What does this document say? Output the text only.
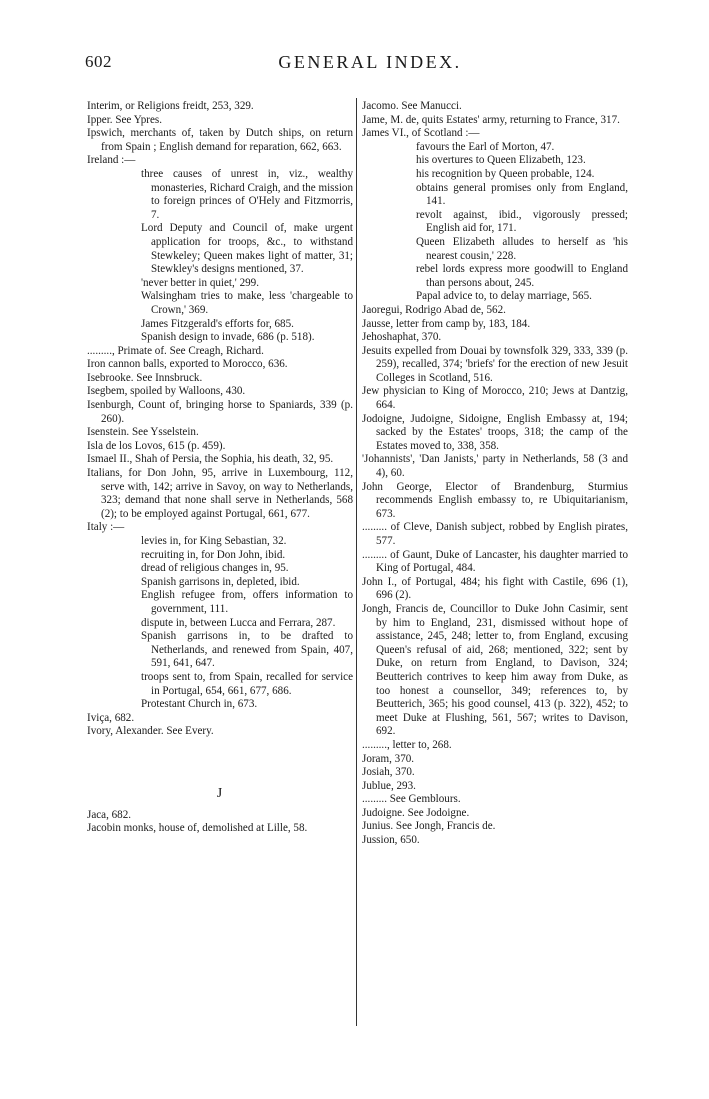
602	GENERAL INDEX.

Interim, or Religions freidt, 253, 329.

Ipper. See Ypres.

Ipswich, merchants of, taken by Dutch ships, on return from Spain ; English demand for reparation, 662, 663.

Ireland :—

three causes of unrest in, viz., wealthy monasteries, Richard Craigh, and the mission to foreign princes of O'Hely and Fitzmorris, 7.

Lord Deputy and Council of, make urgent application for troops, &c., to withstand Stewkeley; Queen makes light of matter, 31; Stewkley's designs mentioned, 37.

'never better in quiet,' 299.

Walsingham tries to make, less 'chargeable to Crown,' 369.

James Fitzgerald's efforts for, 685.

Spanish design to invade, 686 (p. 518).

........., Primate of. See Creagh, Richard.

Iron cannon balls, exported to Morocco, 636.

Isebrooke. See Innsbruck.

Isegbem, spoiled by Walloons, 430.

Isenburgh, Count of, bringing horse to Spaniards, 339 (p. 260).

Isenstein. See Ysselstein.

Isla de los Lovos, 615 (p. 459).

Ismael II., Shah of Persia, the Sophia, his death, 32, 95.

Italians, for Don John, 95, arrive in Luxembourg, 112, serve with, 142; arrive in Savoy, on way to Netherlands, 323; demand that none shall serve in Netherlands, 568 (2); to be employed against Portugal, 661, 677.

Italy :—

levies in, for King Sebastian, 32.

recruiting in, for Don John, ibid.

dread of religious changes in, 95.

Spanish garrisons in, depleted, ibid.

English refugee from, offers information to government, 111.

dispute in, between Lucca and Ferrara, 287.

Spanish garrisons in, to be drafted to Netherlands, and renewed from Spain, 407, 591, 641, 647.

troops sent to, from Spain, recalled for service in Portugal, 654, 661, 677, 686.

Protestant Church in, 673.

Iviça, 682.

Ivory, Alexander. See Every.

J

Jaca, 682.

Jacobin monks, house of, demolished at Lille, 58.

Jacomo. See Manucci.

Jame, M. de, quits Estates' army, returning to France, 317.

James VI., of Scotland :—

favours the Earl of Morton, 47.

his overtures to Queen Elizabeth, 123.

his recognition by Queen probable, 124.

obtains general promises only from England, 141.

revolt against, ibid., vigorously pressed; English aid for, 171.

Queen Elizabeth alludes to herself as 'his nearest cousin,' 228.

rebel lords express more goodwill to England than persons about, 245.

Papal advice to, to delay marriage, 565.

Jaoregui, Rodrigo Abad de, 562.

Jausse, letter from camp by, 183, 184.

Jehoshaphat, 370.

Jesuits expelled from Douai by townsfolk 329, 333, 339 (p. 259), recalled, 374; 'briefs' for the erection of new Jesuit Colleges in Scotland, 516.

Jew physician to King of Morocco, 210; Jews at Dantzig, 664.

Jodoigne, Judoigne, Sidoigne, English Embassy at, 194; sacked by the Estates' troops, 318; the camp of the Estates moved to, 338, 358.

'Johannists', 'Dan Janists,' party in Netherlands, 58 (3 and 4), 60.

John George, Elector of Brandenburg, Sturmius recommends English embassy to, re Ubiquitarianism, 673.

......... of Cleve, Danish subject, robbed by English pirates, 577.

......... of Gaunt, Duke of Lancaster, his daughter married to King of Portugal, 484.

John I., of Portugal, 484; his fight with Castile, 696 (1), 696 (2).

Jongh, Francis de, Councillor to Duke John Casimir, sent by him to England, 231, dismissed without hope of assistance, 245, 248; letter to, from England, excusing Queen's refusal of aid, 268; mentioned, 322; sent by Duke, on return from England, to Davison, 324; Beutterich contrives to keep him away from Duke, as too honest a counsellor, 349; references to, by Beutterich, 365; his good counsel, 413 (p. 322), 452; to meet Duke at Flushing, 561, 567; writes to Davison, 692.

........., letter to, 268.

Joram, 370.

Josiah, 370.

Jublue, 293.

......... See Gemblours.

Judoigne. See Jodoigne.

Junius. See Jongh, Francis de.

Jussion, 650.
